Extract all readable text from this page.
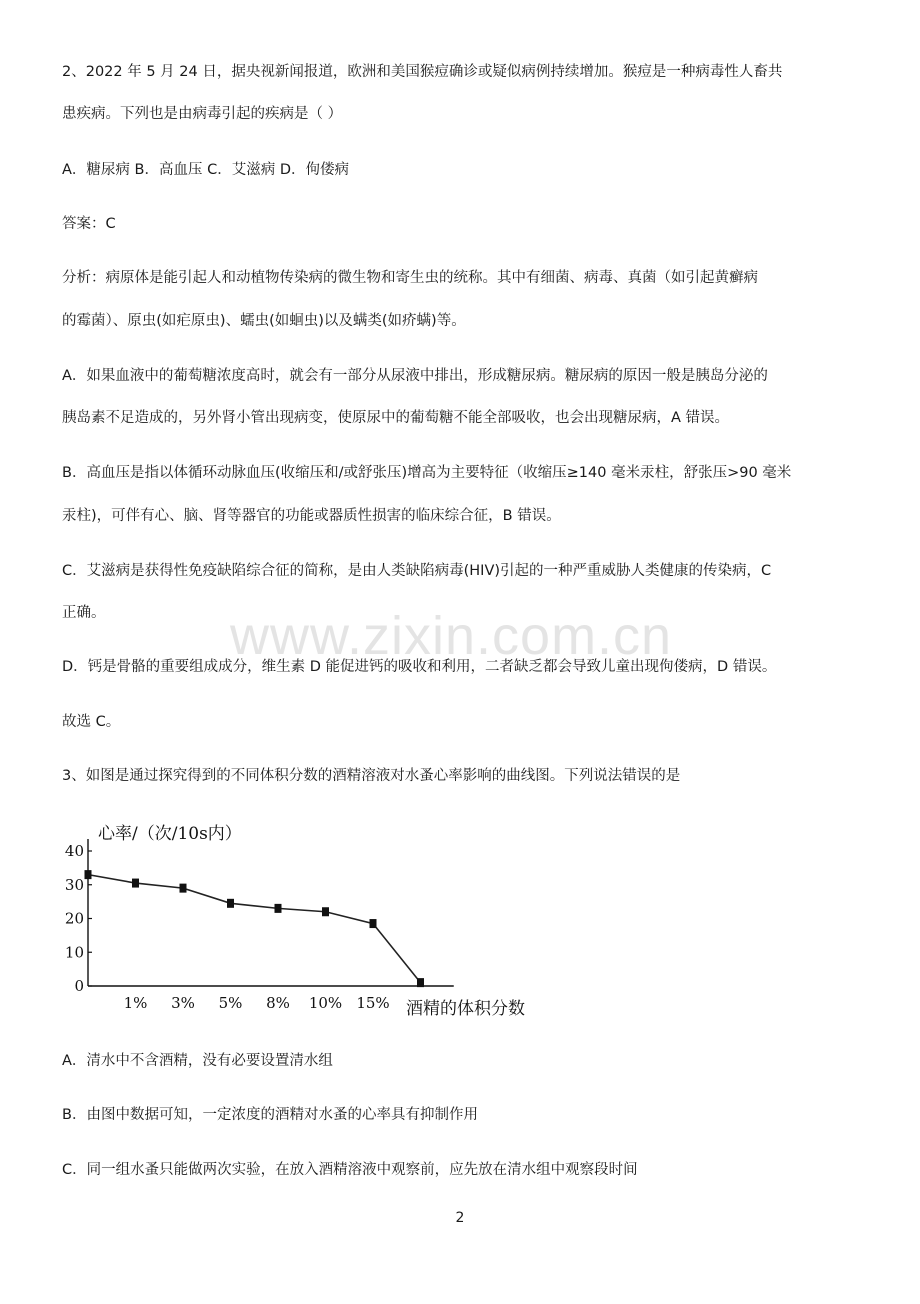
2、2022 年 5 月 24 日，据央视新闻报道，欧洲和美国猴痘确诊或疑似病例持续增加。猴痘是一种病毒性人畜共
患疾病。下列也是由病毒引起的疾病是（ ）
A．糖尿病 B．高血压 C．艾滋病 D．佝偻病
答案：C
分析：病原体是能引起人和动植物传染病的微生物和寄生虫的统称。其中有细菌、病毒、真菌（如引起黄癣病
的霉菌）、原虫(如疟原虫)、蠕虫(如蛔虫)以及螨类(如疥螨)等。
A．如果血液中的葡萄糖浓度高时，就会有一部分从尿液中排出，形成糖尿病。糖尿病的原因一般是胰岛分泌的
胰岛素不足造成的，另外肾小管出现病变，使原尿中的葡萄糖不能全部吸收，也会出现糖尿病，A 错误。
B．高血压是指以体循环动脉血压(收缩压和/或舒张压)增高为主要特征（收缩压≥140 毫米汞柱，舒张压>90 毫米
汞柱)，可伴有心、脑、肾等器官的功能或器质性损害的临床综合征，B 错误。
C．艾滋病是获得性免疫缺陷综合征的简称，是由人类缺陷病毒(HIV)引起的一种严重威胁人类健康的传染病，C
正确。 www.zixin.com.cn
D．钙是骨骼的重要组成成分，维生素 D 能促进钙的吸收和利用，二者缺乏都会导致儿童出现佝偻病，D 错误。
故选 C。
3、如图是通过探究得到的不同体积分数的酒精溶液对水蚤心率影响的曲线图。下列说法错误的是
0
10
20
30
40
1% 3% 5% 8% 10% 15%
心率/（次/10s内）
酒精的体积分数
A．清水中不含酒精，没有必要设置清水组
B．由图中数据可知，一定浓度的酒精对水蚤的心率具有抑制作用
C．同一组水蚤只能做两次实验，在放入酒精溶液中观察前，应先放在清水组中观察段时间
2
